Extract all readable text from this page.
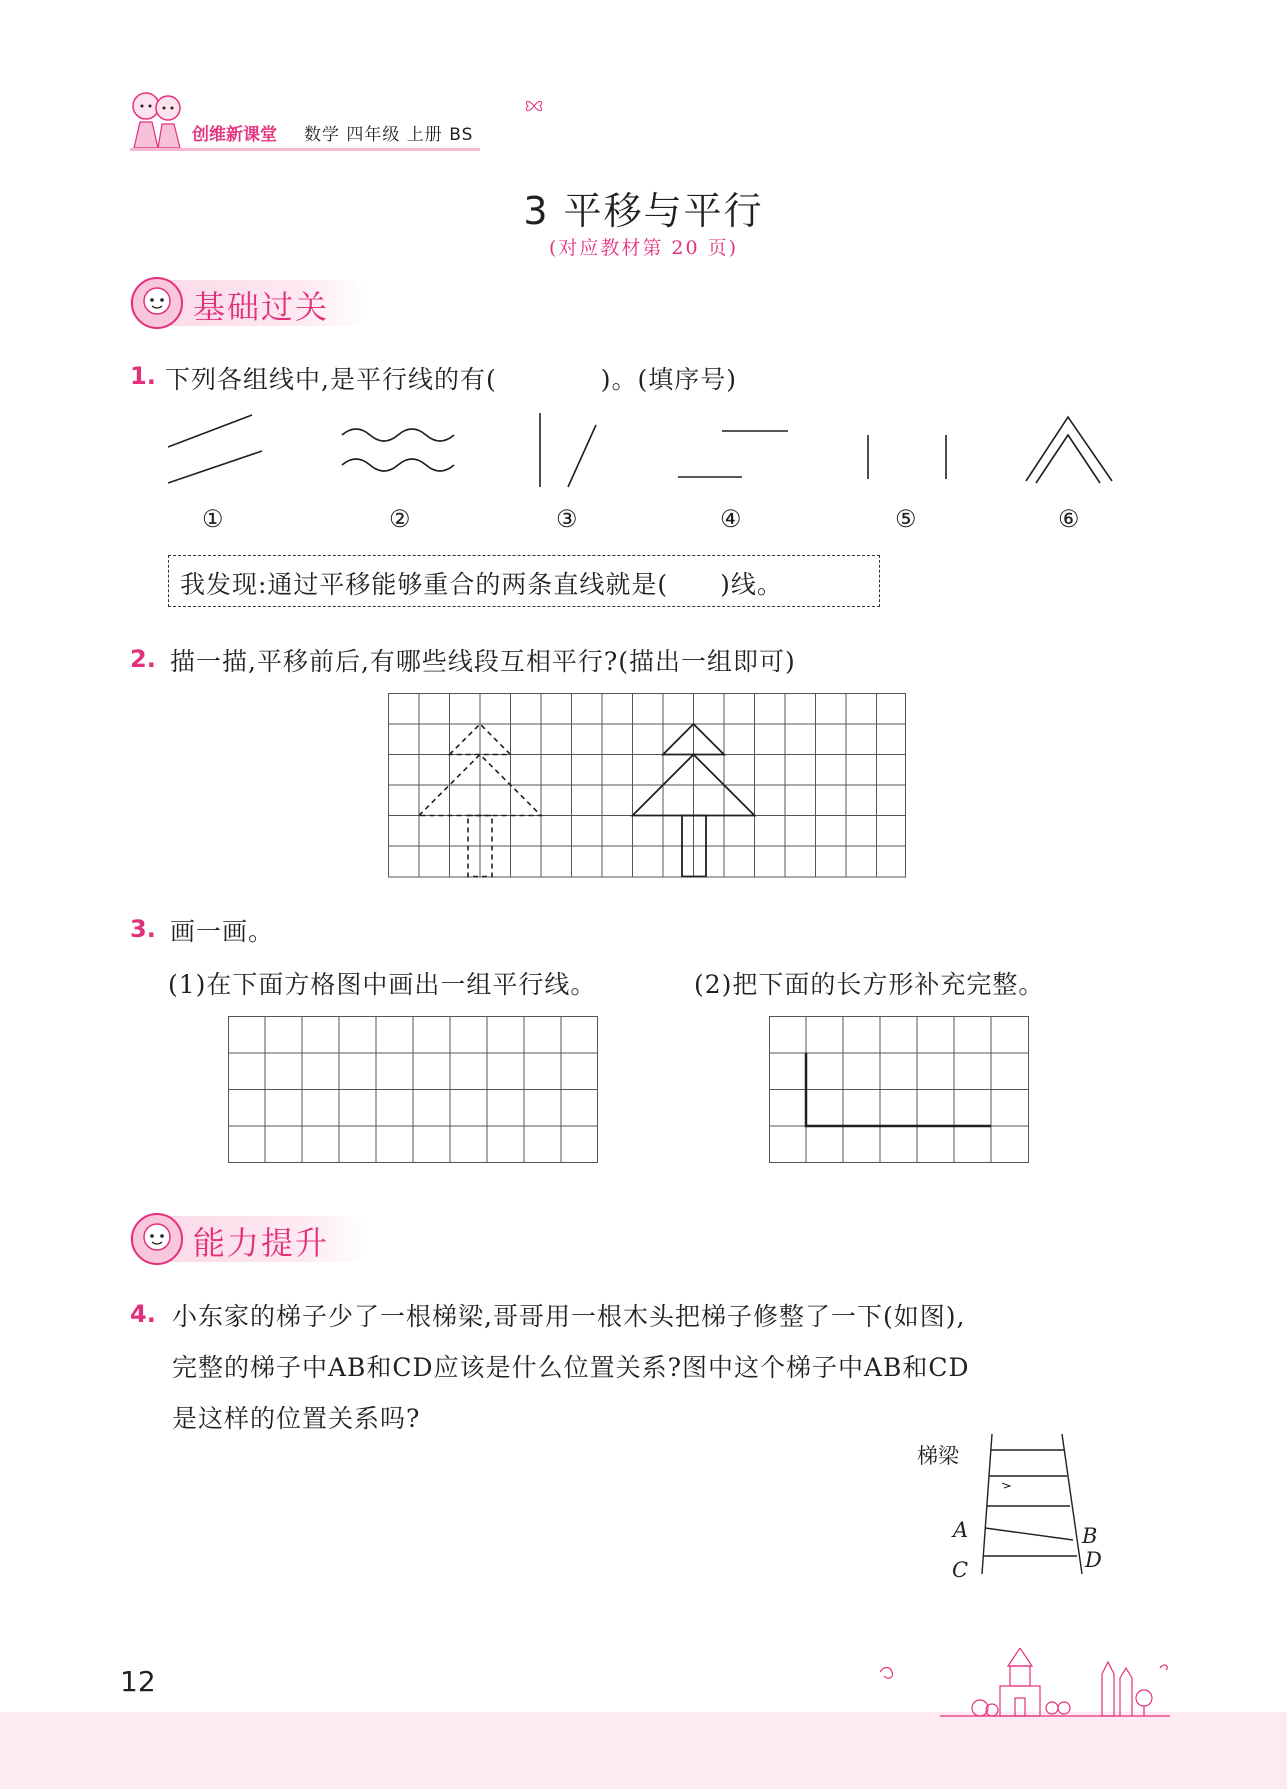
创维新课堂 数学 四年级 上册 BS
3 平移与平行
(对应教材第 20 页)
基础过关
1. 下列各组线中,是平行线的有(　　　　)。(填序号)
①	②	③	④	⑤	⑥
我发现:通过平移能够重合的两条直线就是(　　)线。
2. 描一描,平移前后,有哪些线段互相平行?(描出一组即可)
3. 画一画。
(1)在下面方格图中画出一组平行线。	(2)把下面的长方形补充完整。
能力提升
4. 小东家的梯子少了一根梯梁,哥哥用一根木头把梯子修整了一下(如图),
完整的梯子中AB和CD应该是什么位置关系?图中这个梯子中AB和CD
是这样的位置关系吗?
梯梁
A	B
C	D
12
